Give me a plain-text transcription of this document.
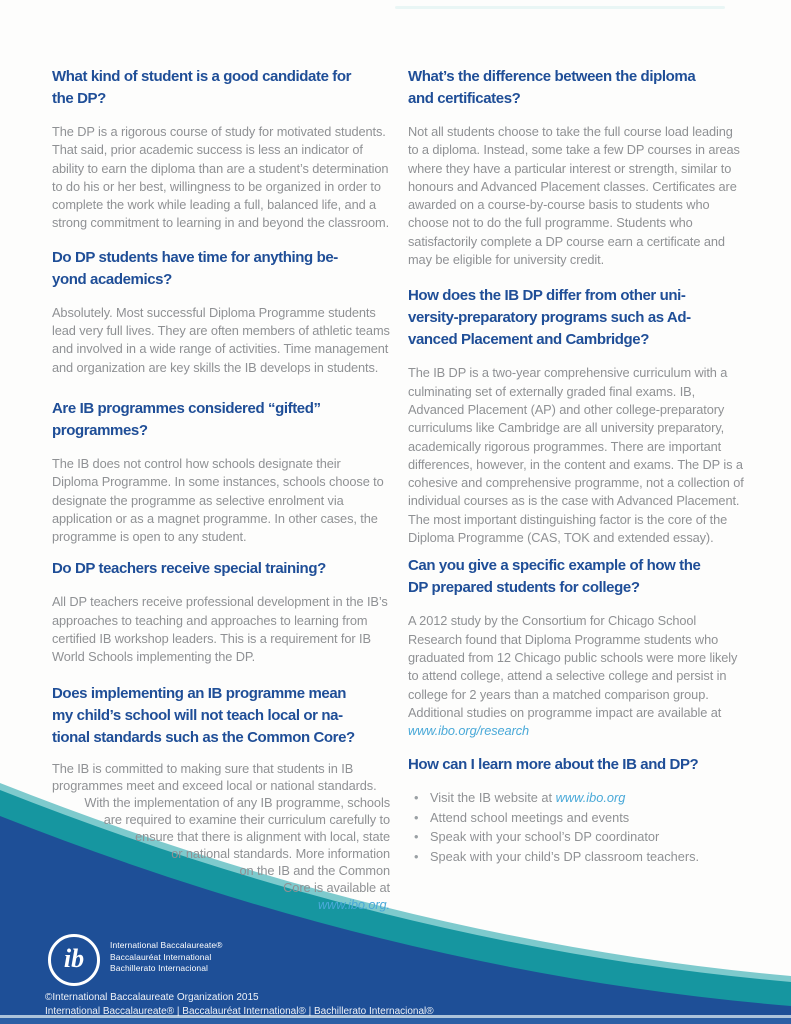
What kind of student is a good candidate for
the DP?

The DP is a rigorous course of study for motivated students. That said, prior academic success is less an indicator of ability to earn the diploma than are a student’s determination to do his or her best, willingness to be organized in order to complete the work while leading a full, balanced life, and a strong commitment to learning in and beyond the classroom.

Do DP students have time for anything be-
yond academics?

Absolutely. Most successful Diploma Programme students lead very full lives. They are often members of athletic teams and involved in a wide range of activities. Time management and organization are key skills the IB develops in students.

Are IB programmes considered “gifted”
programmes?

The IB does not control how schools designate their Diploma Programme. In some instances, schools choose to designate the programme as selective enrolment via application or as a magnet programme. In other cases, the programme is open to any student.

Do DP teachers receive special training?

All DP teachers receive professional development in the IB’s approaches to teaching and approaches to learning from certified IB workshop leaders. This is a requirement for IB World Schools implementing the DP.

Does implementing an IB programme mean
my child’s school will not teach local or na-
tional standards such as the Common Core?
The IB is committed to making sure that students in IB
programmes meet and exceed local or national standards.
With the implementation of any IB programme, schools
are required to examine their curriculum carefully to
ensure that there is alignment with local, state
or national standards. More information
on the IB and the Common
Core is available at
www.ibo.org.
What’s the difference between the diploma
and certificates?

Not all students choose to take the full course load leading to a diploma. Instead, some take a few DP courses in areas where they have a particular interest or strength, similar to honours and Advanced Placement classes. Certificates are awarded on a course-by-course basis to students who choose not to do the full programme. Students who satisfactorily complete a DP course earn a certificate and may be eligible for university credit.

How does the IB DP differ from other uni-
versity-preparatory programs such as Ad-
vanced Placement and Cambridge?

The IB DP is a two-year comprehensive curriculum with a culminating set of externally graded final exams. IB, Advanced Placement (AP) and other college-preparatory curriculums like Cambridge are all university preparatory, academically rigorous programmes. There are important differences, however, in the content and exams. The DP is a cohesive and comprehensive programme, not a collection of individual courses as is the case with Advanced Placement. The most important distinguishing factor is the core of the Diploma Programme (CAS, TOK and extended essay).

Can you give a specific example of how the
DP prepared students for college?

A 2012 study by the Consortium for Chicago School Research found that Diploma Programme students who graduated from 12 Chicago public schools were more likely to attend college, attend a selective college and persist in college for 2 years than a matched comparison group. Additional studies on programme impact are available at www.ibo.org/research

How can I learn more about the IB and DP?
• Visit the IB website at www.ibo.org
• Attend school meetings and events
• Speak with your school’s DP coordinator
• Speak with your child’s DP classroom teachers.
ib	International Baccalaureate®
Baccalauréat International
Bachillerato Internacional
©International Baccalaureate Organization 2015
International Baccalaureate® | Baccalauréat International® | Bachillerato Internacional®
